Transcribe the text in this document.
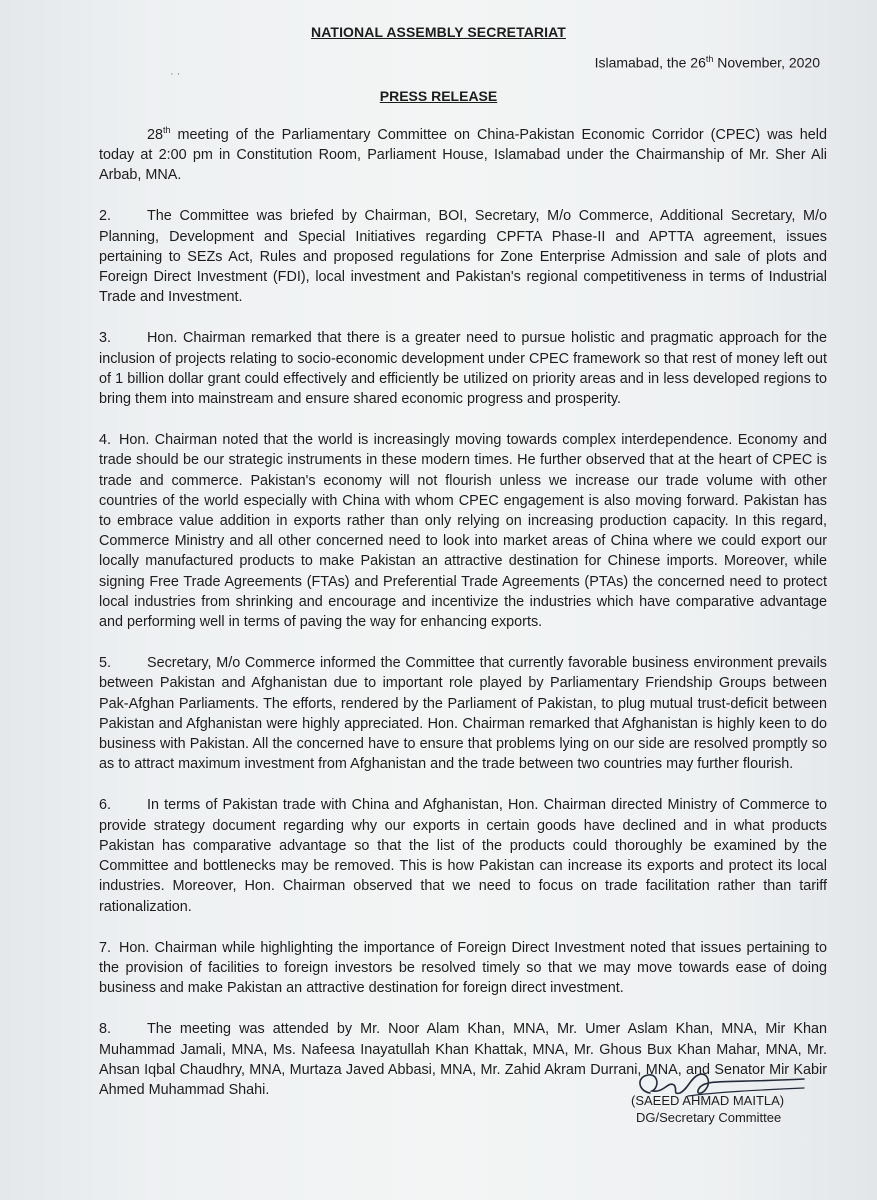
NATIONAL ASSEMBLY SECRETARIAT
· ·
Islamabad, the 26th November, 2020
PRESS RELEASE

28th meeting of the Parliamentary Committee on China-Pakistan Economic Corridor (CPEC) was held today at 2:00 pm in Constitution Room, Parliament House, Islamabad under the Chairmanship of Mr. Sher Ali Arbab, MNA.

2. The Committee was briefed by Chairman, BOI, Secretary, M/o Commerce, Additional Secretary, M/o Planning, Development and Special Initiatives regarding CPFTA Phase-II and APTTA agreement, issues pertaining to SEZs Act, Rules and proposed regulations for Zone Enterprise Admission and sale of plots and Foreign Direct Investment (FDI), local investment and Pakistan's regional competitiveness in terms of Industrial Trade and Investment.

3. Hon. Chairman remarked that there is a greater need to pursue holistic and pragmatic approach for the inclusion of projects relating to socio-economic development under CPEC framework so that rest of money left out of 1 billion dollar grant could effectively and efficiently be utilized on priority areas and in less developed regions to bring them into mainstream and ensure shared economic progress and prosperity.

4. Hon. Chairman noted that the world is increasingly moving towards complex interdependence. Economy and trade should be our strategic instruments in these modern times. He further observed that at the heart of CPEC is trade and commerce. Pakistan's economy will not flourish unless we increase our trade volume with other countries of the world especially with China with whom CPEC engagement is also moving forward. Pakistan has to embrace value addition in exports rather than only relying on increasing production capacity. In this regard, Commerce Ministry and all other concerned need to look into market areas of China where we could export our locally manufactured products to make Pakistan an attractive destination for Chinese imports. Moreover, while signing Free Trade Agreements (FTAs) and Preferential Trade Agreements (PTAs) the concerned need to protect local industries from shrinking and encourage and incentivize the industries which have comparative advantage and performing well in terms of paving the way for enhancing exports.

5. Secretary, M/o Commerce informed the Committee that currently favorable business environment prevails between Pakistan and Afghanistan due to important role played by Parliamentary Friendship Groups between Pak-Afghan Parliaments. The efforts, rendered by the Parliament of Pakistan, to plug mutual trust-deficit between Pakistan and Afghanistan were highly appreciated. Hon. Chairman remarked that Afghanistan is highly keen to do business with Pakistan. All the concerned have to ensure that problems lying on our side are resolved promptly so as to attract maximum investment from Afghanistan and the trade between two countries may further flourish.

6. In terms of Pakistan trade with China and Afghanistan, Hon. Chairman directed Ministry of Commerce to provide strategy document regarding why our exports in certain goods have declined and in what products Pakistan has comparative advantage so that the list of the products could thoroughly be examined by the Committee and bottlenecks may be removed. This is how Pakistan can increase its exports and protect its local industries. Moreover, Hon. Chairman observed that we need to focus on trade facilitation rather than tariff rationalization.

7. Hon. Chairman while highlighting the importance of Foreign Direct Investment noted that issues pertaining to the provision of facilities to foreign investors be resolved timely so that we may move towards ease of doing business and make Pakistan an attractive destination for foreign direct investment.

8. The meeting was attended by Mr. Noor Alam Khan, MNA, Mr. Umer Aslam Khan, MNA, Mir Khan Muhammad Jamali, MNA, Ms. Nafeesa Inayatullah Khan Khattak, MNA, Mr. Ghous Bux Khan Mahar, MNA, Mr. Ahsan Iqbal Chaudhry, MNA, Murtaza Javed Abbasi, MNA, Mr. Zahid Akram Durrani, MNA, and Senator Mir Kabir Ahmed Muhammad Shahi.

(SAEED AHMAD MAITLA)
DG/Secretary Committee
